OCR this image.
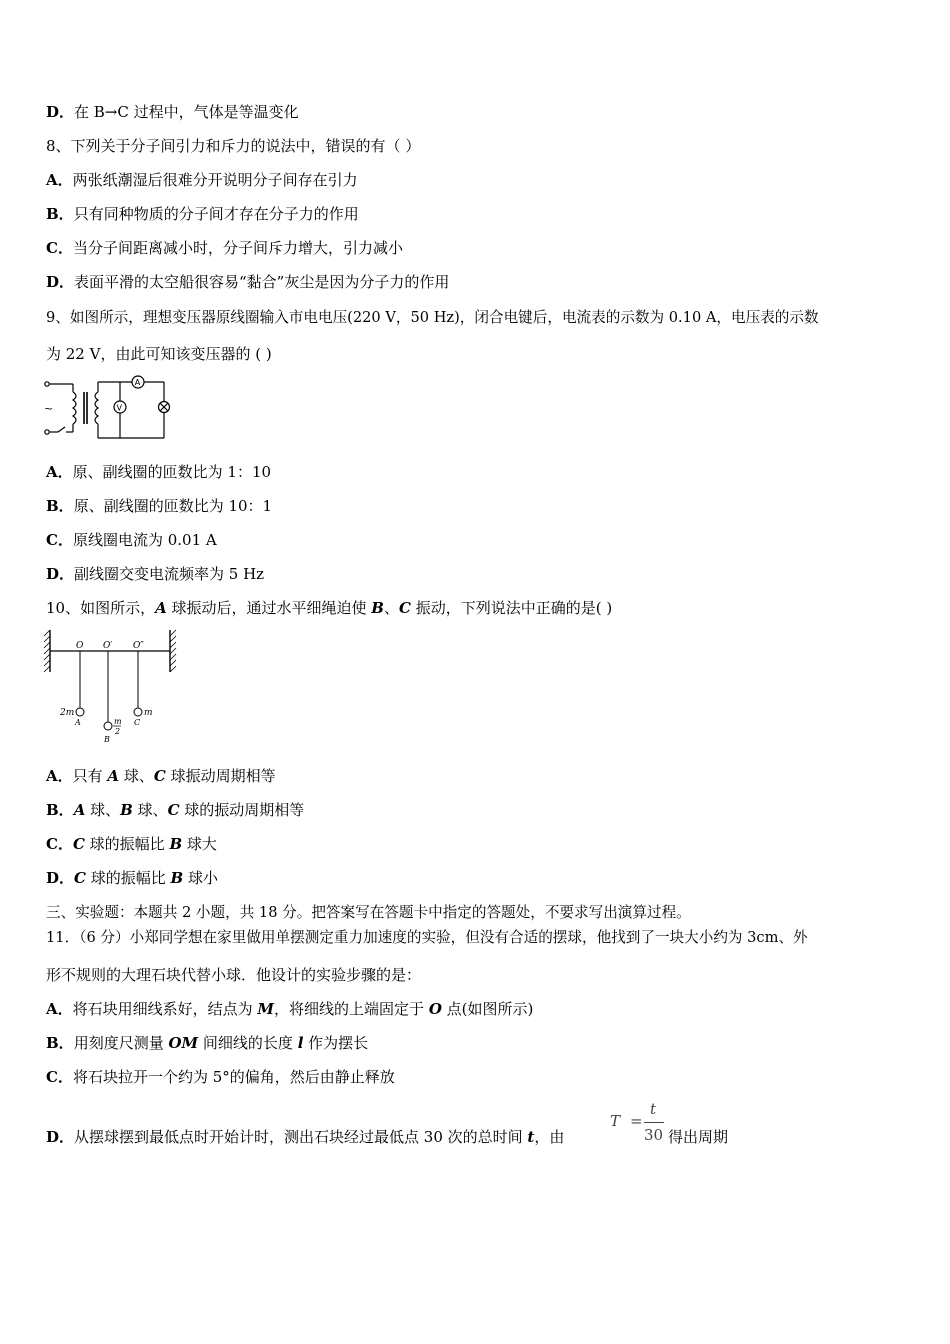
D．在 B→C 过程中，气体是等温变化
8、下列关于分子间引力和斥力的说法中，错误的有（ ）
A．两张纸潮湿后很难分开说明分子间存在引力
B．只有同种物质的分子间才存在分子力的作用
C．当分子间距离减小时，分子间斥力增大，引力减小
D．表面平滑的太空船很容易“黏合”灰尘是因为分子力的作用
9、如图所示，理想变压器原线圈输入市电电压(220 V，50 Hz)，闭合电键后，电流表的示数为 0.10 A，电压表的示数
为 22 V，由此可知该变压器的 ( )
~	V
A
A．原、副线圈的匝数比为 1：10
B．原、副线圈的匝数比为 10：1
C．原线圈电流为 0.01 A
D．副线圈交变电流频率为 5 Hz
10、如图所示，A 球振动后，通过水平细绳迫使 B、C 振动，下列说法中正确的是( )
O O′ O″
2m
A	m
2
B
m
C
A．只有 A 球、C 球振动周期相等
B．A 球、B 球、C 球的振动周期相等
C．C 球的振幅比 B 球大
D．C 球的振幅比 B 球小
三、实验题：本题共 2 小题，共 18 分。把答案写在答题卡中指定的答题处，不要求写出演算过程。
11．（6 分）小郑同学想在家里做用单摆测定重力加速度的实验，但没有合适的摆球，他找到了一块大小约为 3cm、外
形不规则的大理石块代替小球．他设计的实验步骤的是：
A．将石块用细线系好，结点为 M，将细线的上端固定于 O 点(如图所示)
B．用刻度尺测量 OM 间细线的长度 l 作为摆长
C．将石块拉开一个约为 5°的偏角，然后由静止释放
D．从摆球摆到最低点时开始计时，测出石块经过最低点 30 次的总时间 t，由
T =
t
30 得出周期
